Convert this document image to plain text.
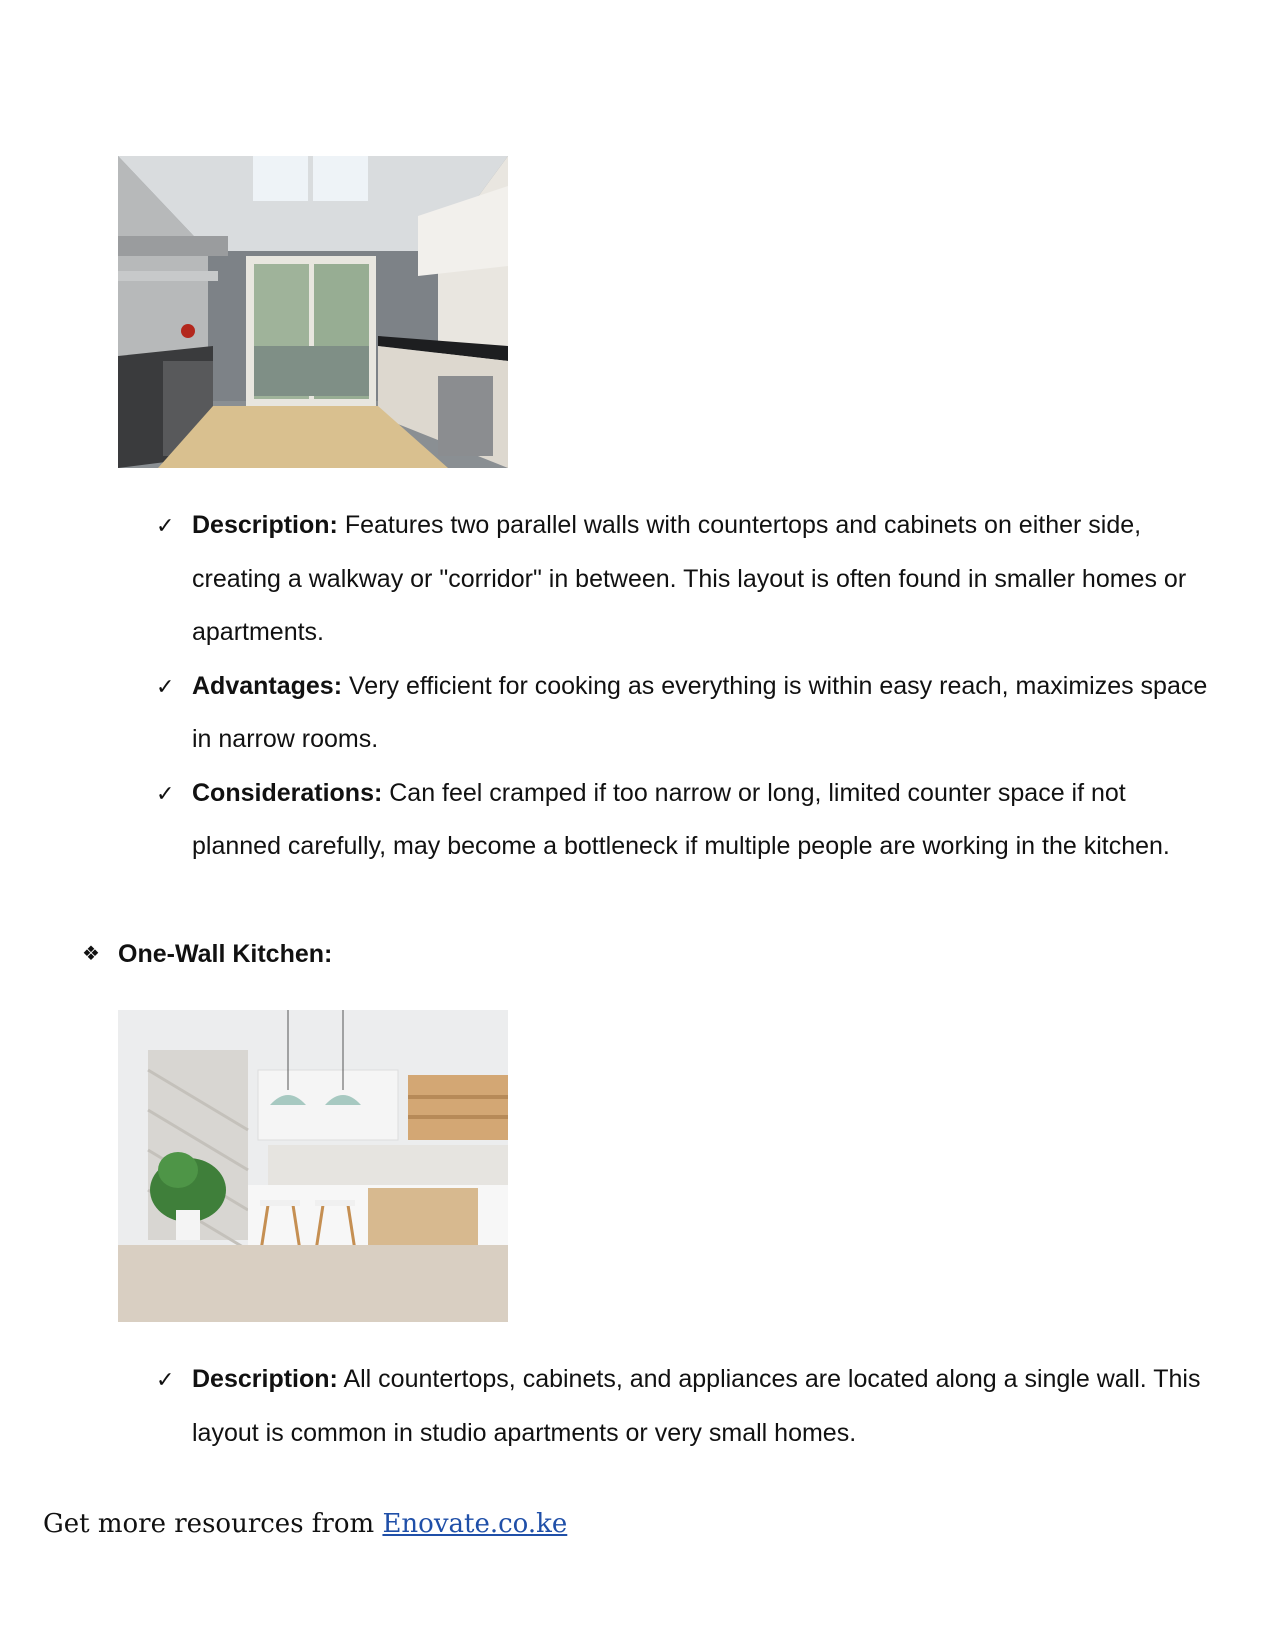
✓ Description: Features two parallel walls with countertops and cabinets on either side, creating a walkway or "corridor" in between. This layout is often found in smaller homes or apartments.
✓ Advantages: Very efficient for cooking as everything is within easy reach, maximizes space in narrow rooms.
✓ Considerations: Can feel cramped if too narrow or long, limited counter space if not planned carefully, may become a bottleneck if multiple people are working in the kitchen.
❖ One-Wall Kitchen:
✓ Description: All countertops, cabinets, and appliances are located along a single wall. This layout is common in studio apartments or very small homes.
Get more resources from Enovate.co.ke
